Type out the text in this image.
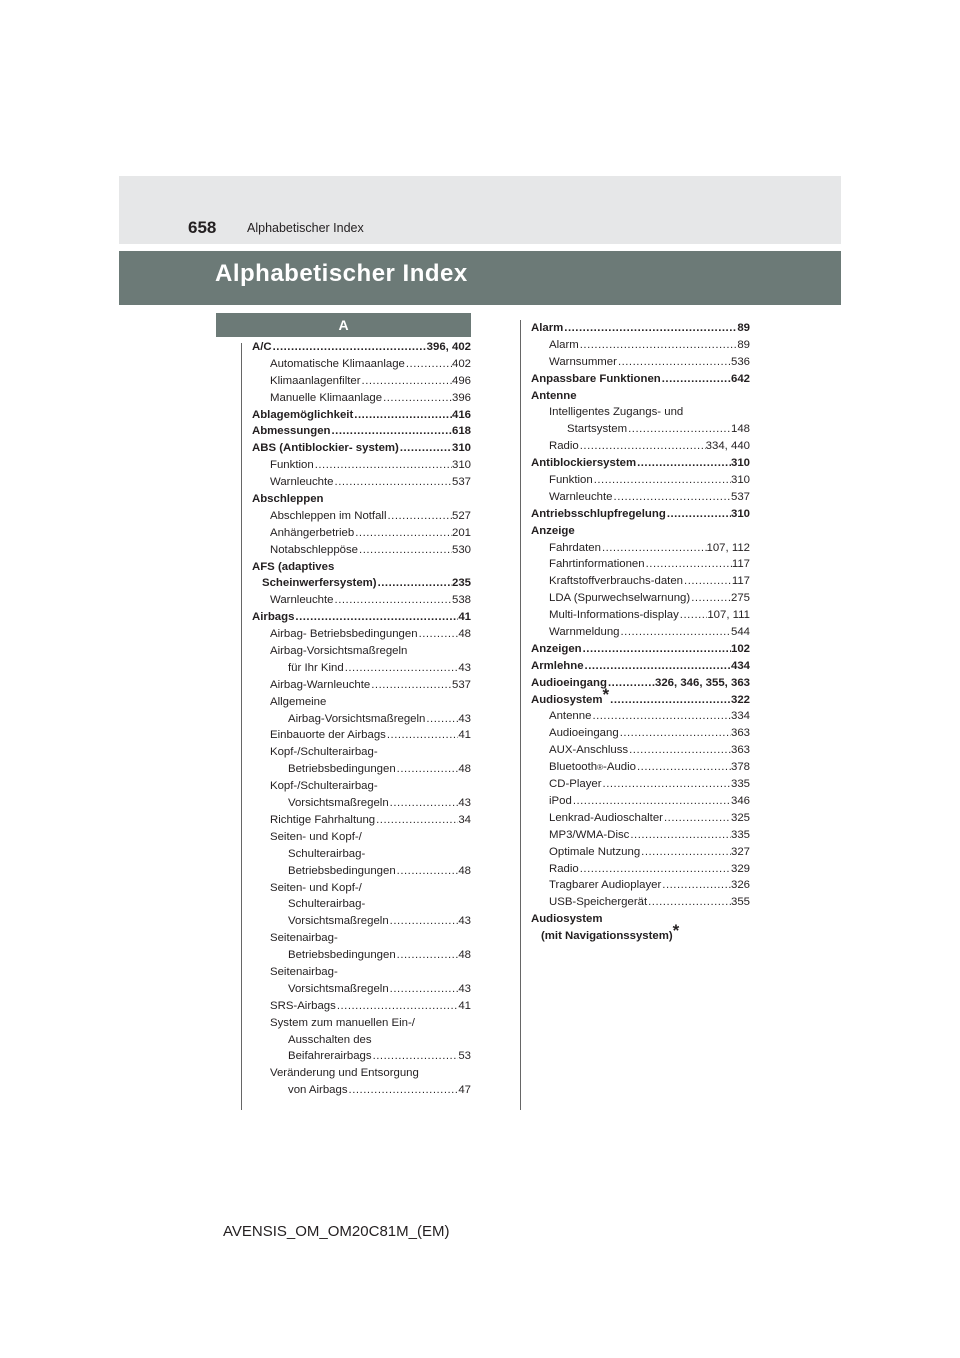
658 Alphabetischer Index
Alphabetischer Index
A
A/C .....	396, 402
Automatische Klimaanlage .....	402
Klimaanlagenfilter .....	496
Manuelle Klimaanlage .....	396
Ablagemöglichkeit .....	416
Abmessungen .....	618
ABS (Antiblockier- system) .....	310
Funktion .....	310
Warnleuchte .....	537
Abschleppen
Abschleppen im Notfall .....	527
Anhängerbetrieb .....	201
Notabschleppöse .....	530
AFS (adaptives
Scheinwerfersystem) .....	235
Warnleuchte .....	538
Airbags .....	41
Airbag- Betriebsbedingungen .....	48
Airbag-Vorsichtsmaßregeln
für Ihr Kind .....	43
Airbag-Warnleuchte .....	537
Allgemeine
Airbag-Vorsichtsmaßregeln .....	43
Einbauorte der Airbags .....	41
Kopf-/Schulterairbag-
Betriebsbedingungen .....	48
Kopf-/Schulterairbag-
Vorsichtsmaßregeln .....	43
Richtige Fahrhaltung .....	34
Seiten- und Kopf-/
Schulterairbag-
Betriebsbedingungen .....	48
Seiten- und Kopf-/
Schulterairbag-
Vorsichtsmaßregeln .....	43
Seitenairbag-
Betriebsbedingungen .....	48
Seitenairbag-
Vorsichtsmaßregeln .....	43
SRS-Airbags .....	41
System zum manuellen Ein-/
Ausschalten des
Beifahrerairbags .....	53
Veränderung und Entsorgung
von Airbags .....	47
Alarm .....	89
Alarm .....	89
Warnsummer .....	536
Anpassbare Funktionen .....	642
Antenne
Intelligentes Zugangs- und
Startsystem .....	148
Radio .....	334, 440
Antiblockiersystem .....	310
Funktion .....	310
Warnleuchte .....	537
Antriebsschlupfregelung .....	310
Anzeige
Fahrdaten .....	107, 112
Fahrtinformationen .....	117
Kraftstoffverbrauchs-daten .....	117
LDA (Spurwechselwarnung) .....	275
Multi-Informations-display .....	107, 111
Warnmeldung .....	544
Anzeigen .....	102
Armlehne .....	434
Audioeingang .....	326, 346, 355, 363
Audiosystem * .....	322
Antenne .....	334
Audioeingang .....	363
AUX-Anschluss .....	363
Bluetooth ® -Audio .....	378
CD-Player .....	335
iPod .....	346
Lenkrad-Audioschalter .....	325
MP3/WMA-Disc .....	335
Optimale Nutzung .....	327
Radio .....	329
Tragbarer Audioplayer .....	326
USB-Speichergerät .....	355
Audiosystem
(mit Navigationssystem)*
AVENSIS_OM_OM20C81M_(EM)
